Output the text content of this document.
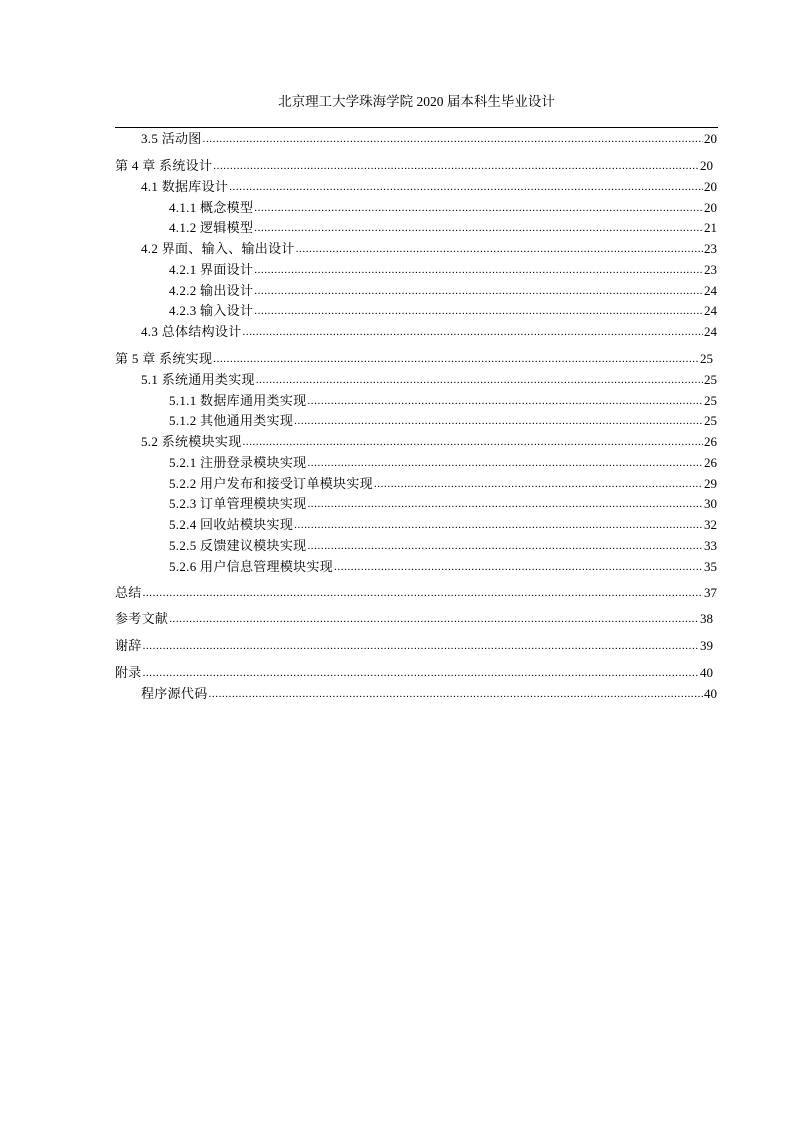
北京理工大学珠海学院 2020 届本科生毕业设计
3.5 活动图 .....	20
第 4 章 系统设计 .....	20
4.1 数据库设计 .....	20
4.1.1 概念模型 .....	20
4.1.2 逻辑模型 .....	21
4.2 界面、输入、输出设计 .....	23
4.2.1 界面设计 .....	23
4.2.2 输出设计 .....	24
4.2.3 输入设计 .....	24
4.3 总体结构设计 .....	24
第 5 章 系统实现 .....	25
5.1 系统通用类实现 .....	25
5.1.1 数据库通用类实现 .....	25
5.1.2 其他通用类实现 .....	25
5.2 系统模块实现 .....	26
5.2.1 注册登录模块实现 .....	26
5.2.2 用户发布和接受订单模块实现 .....	29
5.2.3 订单管理模块实现 .....	30
5.2.4 回收站模块实现 .....	32
5.2.5 反馈建议模块实现 .....	33
5.2.6 用户信息管理模块实现 .....	35
总结 .....	37
参考文献 .....	38
谢辞 .....	39
附录 .....	40
程序源代码 .....	40
